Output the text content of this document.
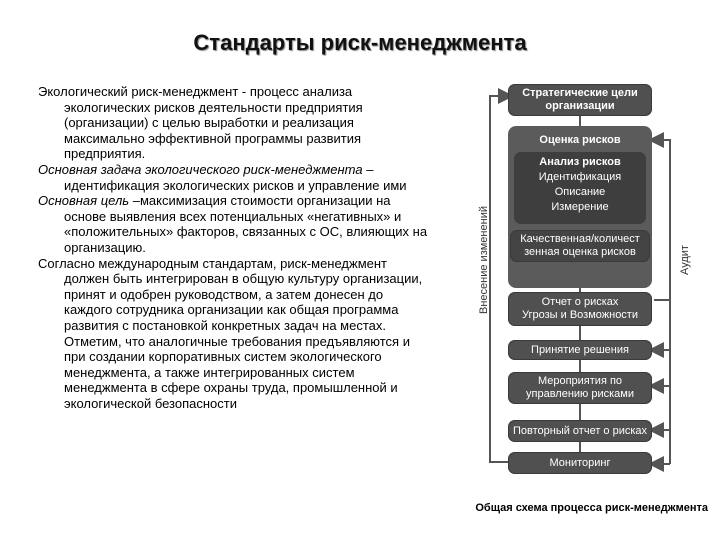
Стандарты риск-менеджмента

Экологический риск-менеджмент - процесс анализа экологических рисков деятельности предприятия (организации) с целью выработки и реализация максимально эффективной программы развития предприятия.

Основная задача экологического риск-менеджмента – идентификация экологических рисков и управление ими

Основная цель –максимизация стоимости организации на основе выявления всех потенциальных «негативных» и «положительных» факторов, связанных с ОС, влияющих на организацию.

Согласно международным стандартам, риск-менеджмент должен быть интегрирован в общую культуру организации, принят и одобрен руководством, а затем донесен до каждого сотрудника организации как общая программа развития с постановкой конкретных задач на местах. Отметим, что аналогичные требования предъявляются и при создании корпоративных систем экологического менеджмента, а также интегрированных систем менеджмента в сфере охраны труда, промышленной и экологической безопасности

Стратегические цели
организации
Оценка рисков
Анализ рисков
Идентификация
Описание
Измерение
Качественная/количест
зенная оценка рисков
Отчет о рисках
Угрозы и Возможности
Принятие решения
Мероприятия по
управлению рисками
Повторный отчет о рисках
Мониторинг
Внесение изменений	Аудит
Общая схема процесса риск-менеджмента
